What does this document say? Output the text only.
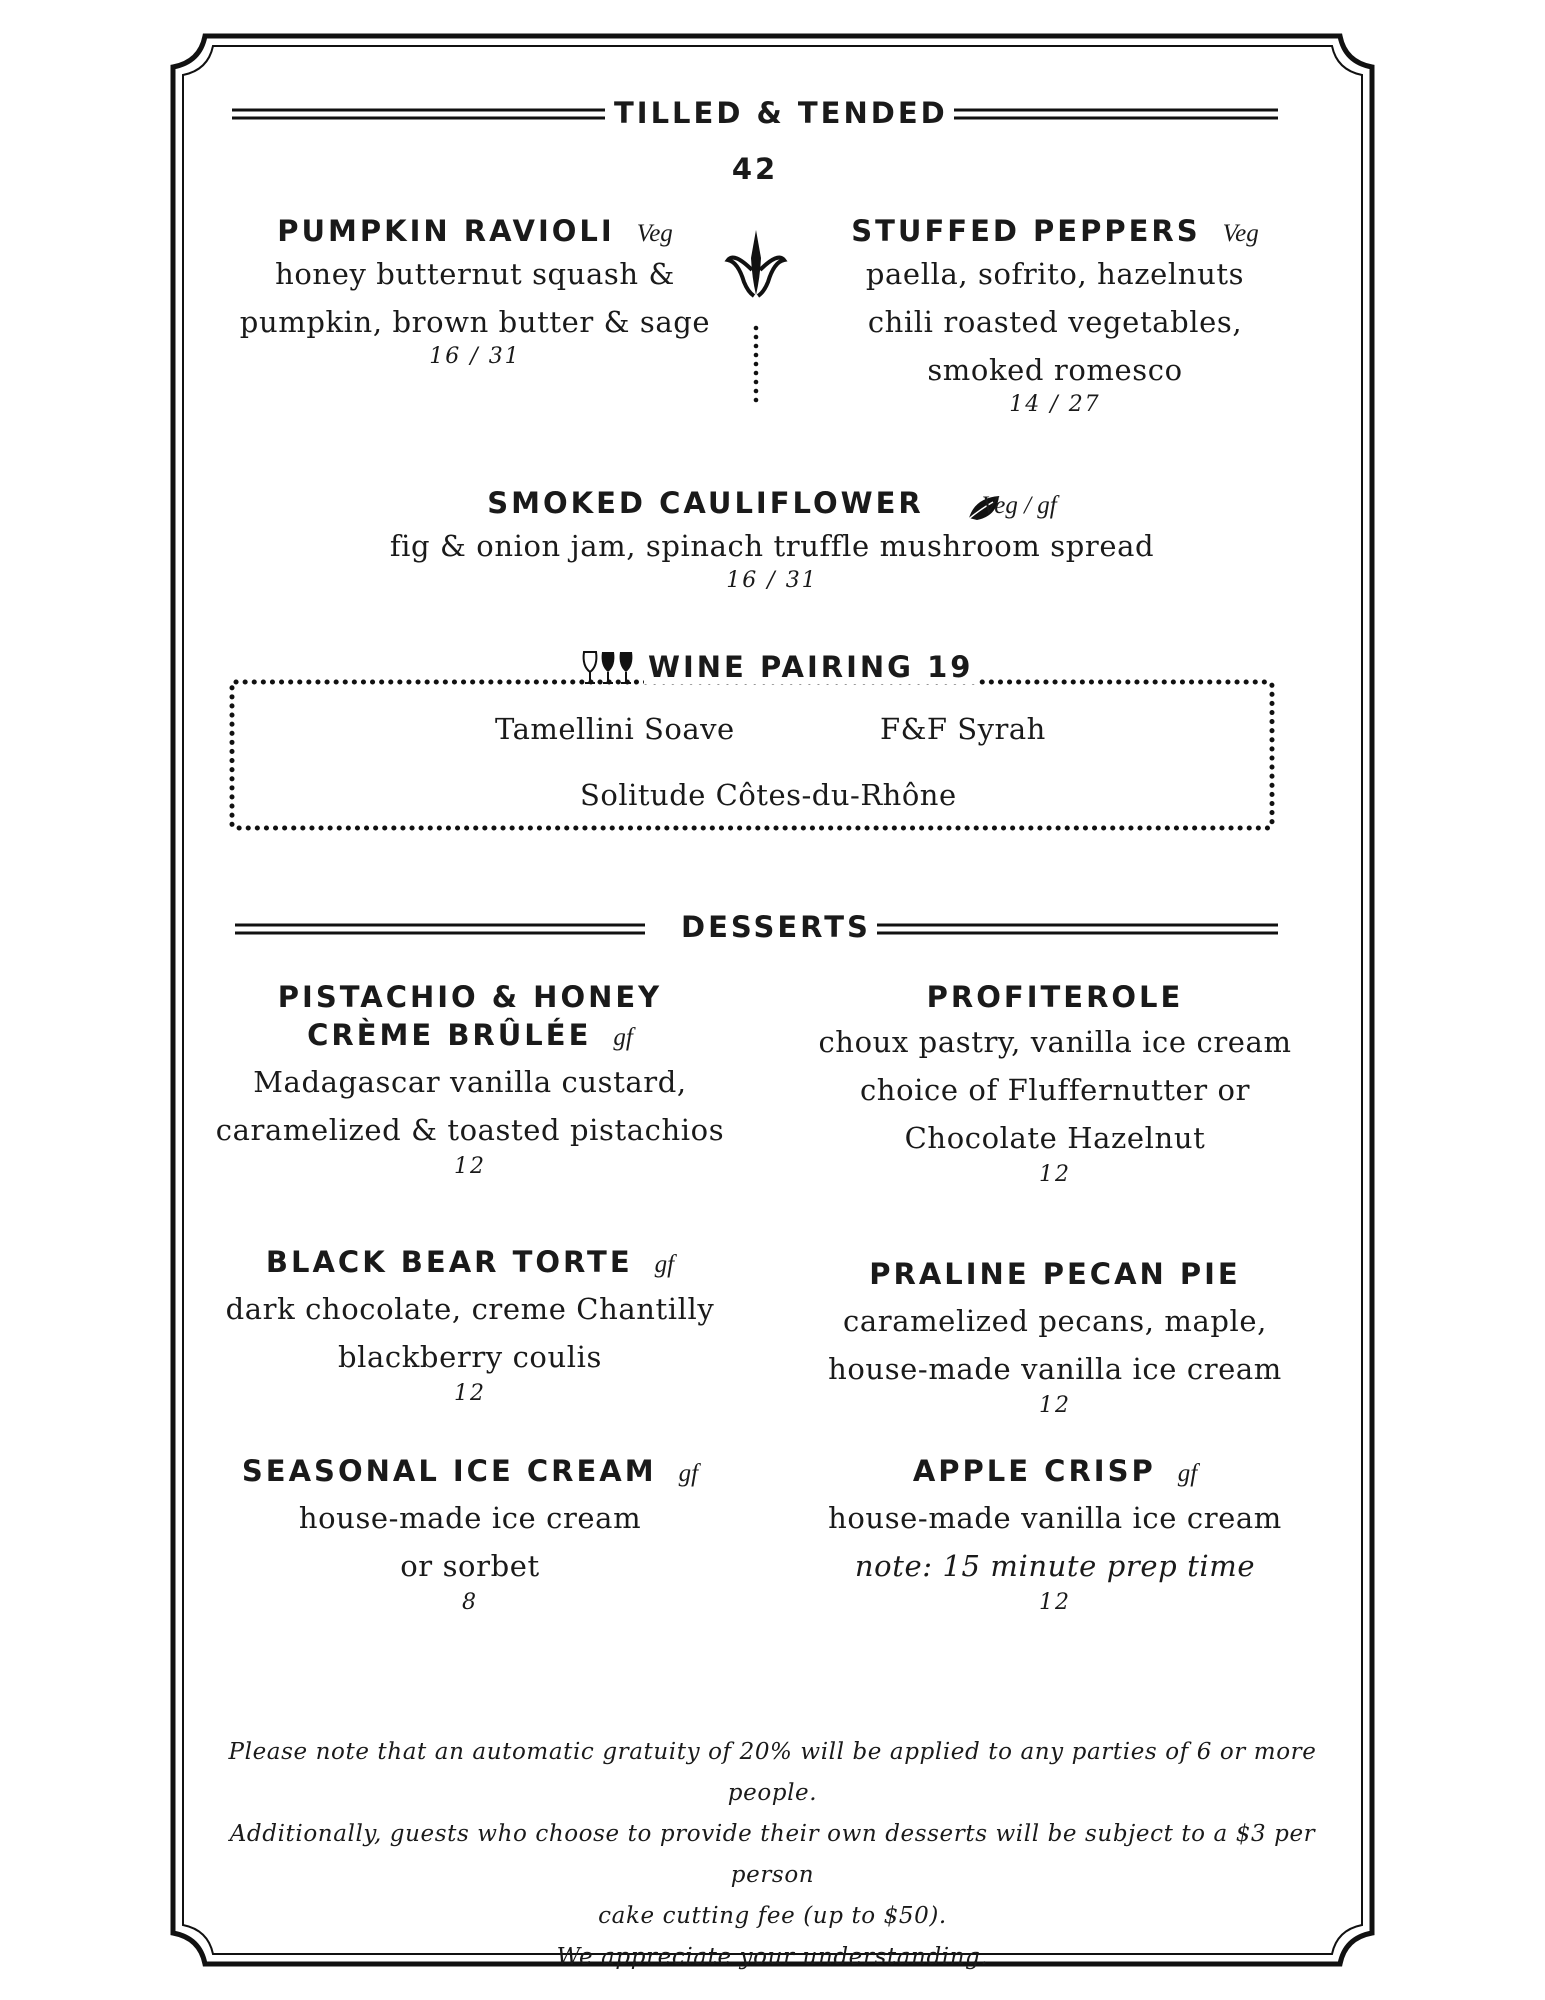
TILLED & TENDED
42
PUMPKIN RAVIOLI Veg
honey butternut squash &
pumpkin, brown butter & sage
16 / 31
STUFFED PEPPERS Veg
paella, sofrito, hazelnuts
chili roasted vegetables,
smoked romesco
14 / 27
SMOKED CAULIFLOWER Veg / gf
fig & onion jam, spinach truffle mushroom spread
16 / 31
WINE PAIRING 19
Tamellini Soave	F&F Syrah
Solitude Côtes-du-Rhône
DESSERTS
PISTACHIO & HONEY
CRÈME BRÛLÉE gf
Madagascar vanilla custard,
caramelized & toasted pistachios
12
PROFITEROLE
choux pastry, vanilla ice cream
choice of Fluffernutter or
Chocolate Hazelnut
12
BLACK BEAR TORTE gf
dark chocolate, creme Chantilly
blackberry coulis
12
PRALINE PECAN PIE
caramelized pecans, maple,
house-made vanilla ice cream
12
SEASONAL ICE CREAM gf
house-made ice cream
or sorbet
8
APPLE CRISP gf
house-made vanilla ice cream
note: 15 minute prep time
12
Please note that an automatic gratuity of 20% will be applied to any parties of 6 or more people.
Additionally, guests who choose to provide their own desserts will be subject to a $3 per person
cake cutting fee (up to $50).
We appreciate your understanding.
